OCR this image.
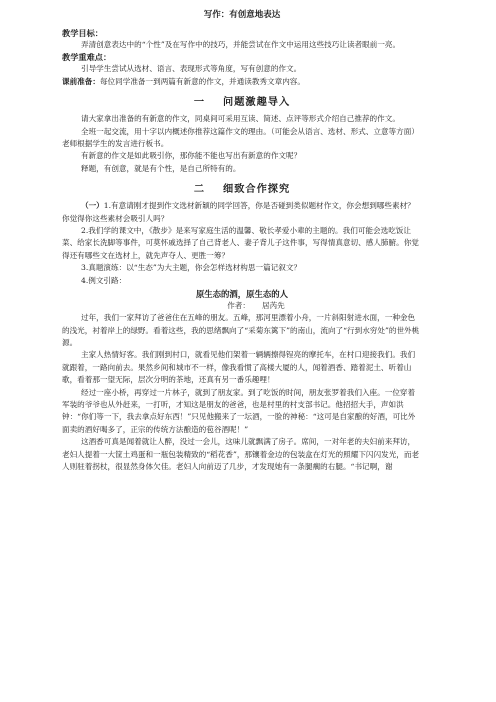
写作：有创意地表达

教学目标：

弄清创意表达中的“个性”及在写作中的技巧，并能尝试在作文中运用这些技巧让读者眼前一亮。

教学重难点：

引导学生尝试从选材、语言、表现形式等角度，写有创意的作文。

课前准备：每位同学准备一到两篇有新意的作文，并通读教秀文章内容。

一 问题激趣导入

请大家拿出准备的有新意的作文，同桌间可采用互读、简述、点评等形式介绍自己推荐的作文。

全班一起交流，用十字以内概述你推荐这篇作文的理由。（可能会从语言、选材、形式、立意等方面）老师根据学生的发言进行板书。

有新意的作文是如此吸引你，那你能不能也写出有新意的作文呢？

释题，有创意，就是有个性，是自己所特有的。

二 细致合作探究

（一）1.有意请刚才提到作文选材新颖的同学回答，你是否碰到类似题材作文，你会想到哪些素材？你觉得你这些素材会吸引人吗？

2.我们学的课文中，《散步》是来写家庭生活的温馨、敬长孝爱小辈的主题的。我们可能会选吃饭让菜、给家长洗脚等事件，可莫怀戚选择了自己背老人、妻子背儿子这件事，写得情真意切、感人肺腑。你觉得还有哪些文在选材上，就先声夺人、更胜一筹？

3.真题演练：以“生态”为大主题，你会怎样选材构思一篇记叙文？

4.例文引路：

原生态的酒，原生态的人
作者： 居芮先

过年，我们一家拜访了爸爸住在五峰的朋友。五峰，那河里漂着小舟，一片斜阳射进水面，一种金色的浅光，衬着岸上的绿野。看着这些，我的思绪飘向了“采菊东篱下”的南山，流向了“行到水穷处”的世外桃源。

主家人热情好客。我们刚到村口，就看见他们架着一辆辆擦得锃亮的摩托车，在村口迎接我们。我们就跟着，一路向前去。果然乡间和城市不一样，像我看惯了高楼大厦的人，闻着酒香、踏着泥土、听着山歌，看着那一望无际，层次分明的茶地，还真有另一番乐趣哩！

经过一座小桥，再穿过一片林子，就到了朋友家。到了吃饭的时间，朋友张罗着我们入座。一位穿着军装的爷爷也从外赶来，一打听，才知这是朋友的爸爸，也是村里的村支部书记。他招招大手，声如洪钟：“你们等一下，我去拿点好东西！”只见他搬来了一坛酒，一脸的神秘：“这可是自家酿的好酒，可比外面卖的酒好喝多了，正宗的传统方法酿造的苞谷酒呢！”

这酒香可真是闻着就让人醉，没过一会儿，这味儿就飘满了房子。席间，一对年老的夫妇前来拜访，老妇人提着一大筐土鸡蛋和一瓶包装精致的“稻花香”，那镶着金边的包装盒在灯光的照耀下闪闪发光，而老人则驻着拐杖，很显然身体欠佳。老妇人向前迈了几步，才发现她有一条腿瘸的右腿。“书记啊，谢
